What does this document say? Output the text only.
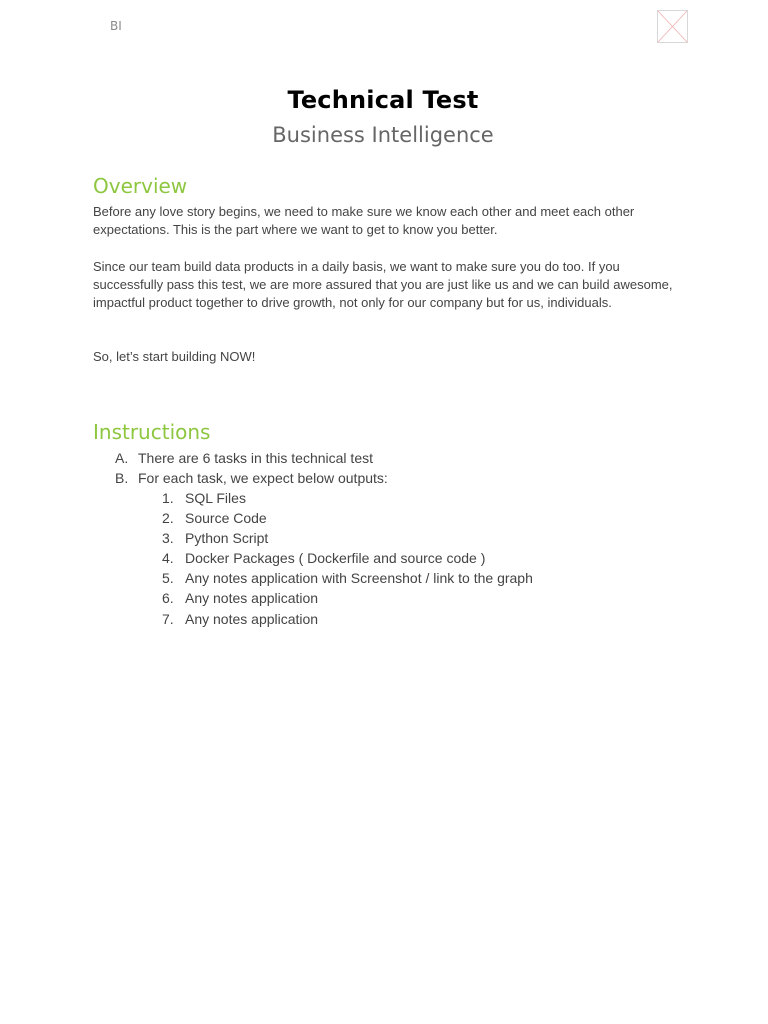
BI
Technical Test
Business Intelligence
Overview

Before any love story begins, we need to make sure we know each other and meet each other expectations. This is the part where we want to get to know you better.

Since our team build data products in a daily basis, we want to make sure you do too. If you successfully pass this test, we are more assured that you are just like us and we can build awesome, impactful product together to drive growth, not only for our company but for us, individuals.

So, let’s start building NOW!

Instructions
A. There are 6 tasks in this technical test
B. For each task, we expect below outputs:
1. SQL Files
2. Source Code
3. Python Script
4. Docker Packages ( Dockerfile and source code )
5. Any notes application with Screenshot / link to the graph
6. Any notes application
7. Any notes application
